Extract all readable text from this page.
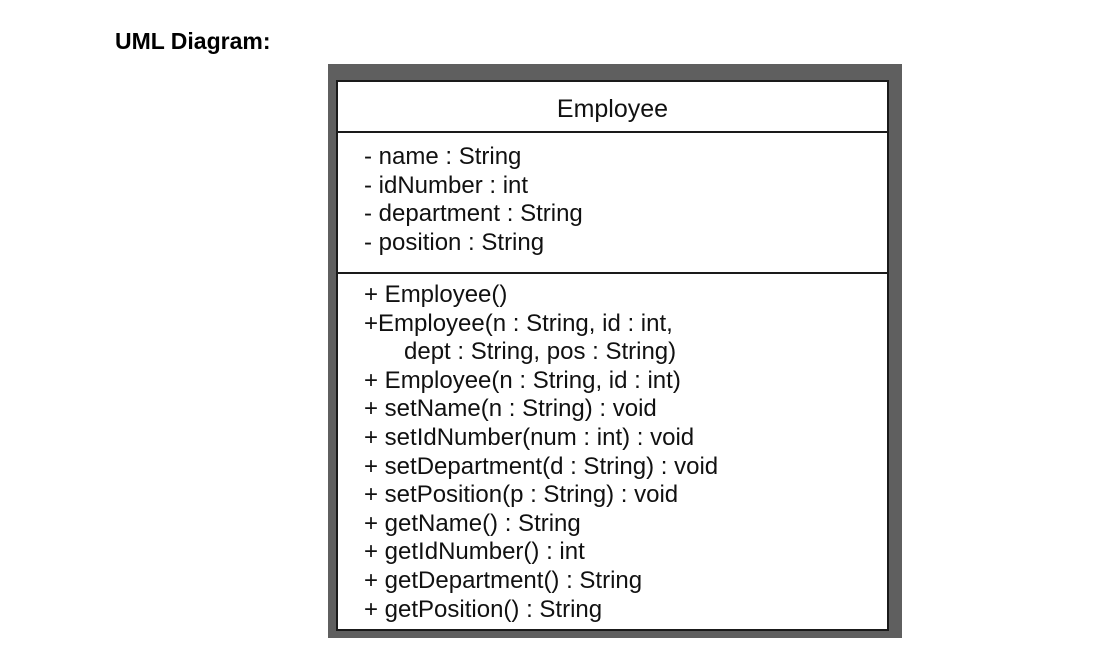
UML Diagram:
Employee
- name : String
- idNumber : int
- department : String
- position : String
+ Employee()
+Employee(n : String, id : int,
dept : String, pos : String)
+ Employee(n : String, id : int)
+ setName(n : String) : void
+ setIdNumber(num : int) : void
+ setDepartment(d : String) : void
+ setPosition(p : String) : void
+ getName() : String
+ getIdNumber() : int
+ getDepartment() : String
+ getPosition() : String
